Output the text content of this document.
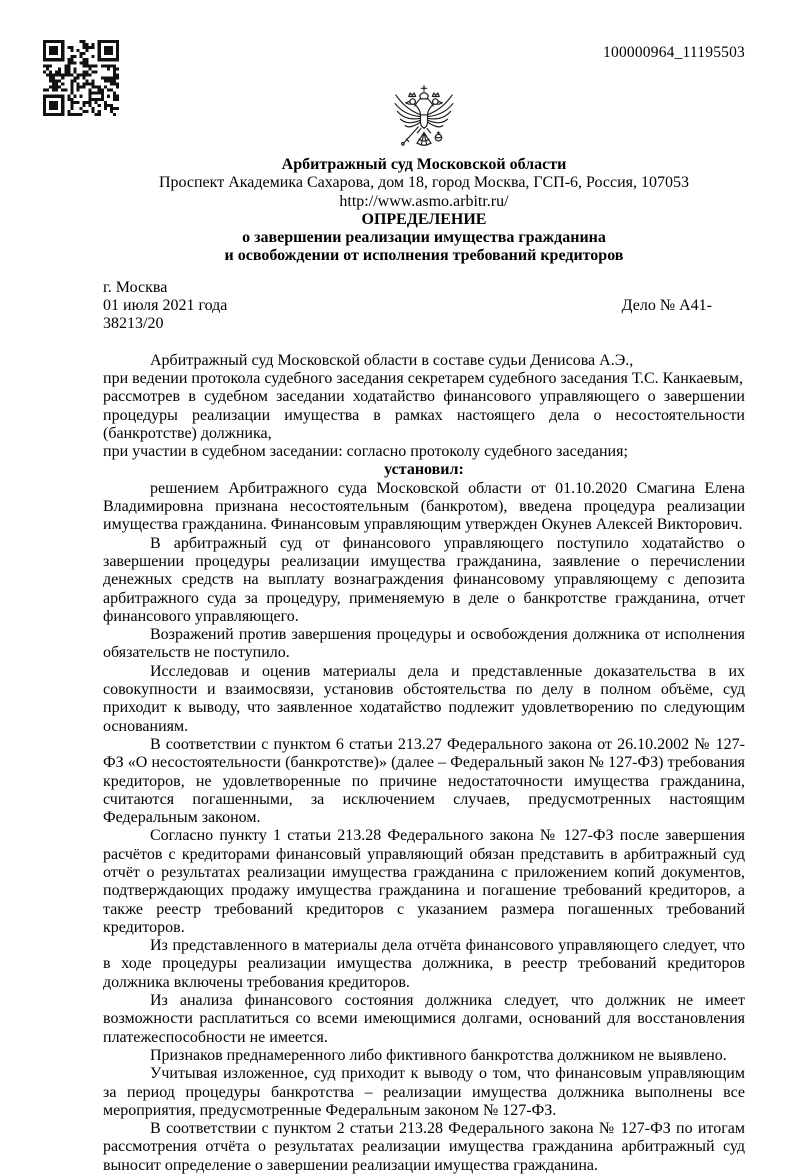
100000964_11195503

Арбитражный суд Московской области

Проспект Академика Сахарова, дом 18, город Москва, ГСП-6, Россия, 107053

http://www.asmo.arbitr.ru/

ОПРЕДЕЛЕНИЕ

о завершении реализации имущества гражданина

и освобождении от исполнения требований кредиторов

г. Москва

01 июля 2021 года	Дело № А41-

38213/20

Арбитражный суд Московской области в составе судьи Денисова А.Э.,

при ведении протокола судебного заседания секретарем судебного заседания Т.С. Канкаевым,

рассмотрев в судебном заседании ходатайство финансового управляющего о завершении процедуры реализации имущества в рамках настоящего дела о несостоятельности (банкротстве) должника,

при участии в судебном заседании: согласно протоколу судебного заседания;

установил:

решением Арбитражного суда Московской области от 01.10.2020 Смагина Елена Владимировна признана несостоятельным (банкротом), введена процедура реализации имущества гражданина. Финансовым управляющим утвержден Окунев Алексей Викторович.

В арбитражный суд от финансового управляющего поступило ходатайство о завершении процедуры реализации имущества гражданина, заявление о перечислении денежных средств на выплату вознаграждения финансовому управляющему с депозита арбитражного суда за процедуру, применяемую в деле о банкротстве гражданина, отчет финансового управляющего.

Возражений против завершения процедуры и освобождения должника от исполнения обязательств не поступило.

Исследовав и оценив материалы дела и представленные доказательства в их совокупности и взаимосвязи, установив обстоятельства по делу в полном объёме, суд приходит к выводу, что заявленное ходатайство подлежит удовлетворению по следующим основаниям.

В соответствии с пунктом 6 статьи 213.27 Федерального закона от 26.10.2002 № 127-ФЗ «О несостоятельности (банкротстве)» (далее – Федеральный закон № 127-ФЗ) требования кредиторов, не удовлетворенные по причине недостаточности имущества гражданина, считаются погашенными, за исключением случаев, предусмотренных настоящим Федеральным законом.

Согласно пункту 1 статьи 213.28 Федерального закона № 127-ФЗ после завершения расчётов с кредиторами финансовый управляющий обязан представить в арбитражный суд отчёт о результатах реализации имущества гражданина с приложением копий документов, подтверждающих продажу имущества гражданина и погашение требований кредиторов, а также реестр требований кредиторов с указанием размера погашенных требований кредиторов.

Из представленного в материалы дела отчёта финансового управляющего следует, что в ходе процедуры реализации имущества должника, в реестр требований кредиторов должника включены требования кредиторов.

Из анализа финансового состояния должника следует, что должник не имеет возможности расплатиться со всеми имеющимися долгами, оснований для восстановления платежеспособности не имеется.

Признаков преднамеренного либо фиктивного банкротства должником не выявлено.

Учитывая изложенное, суд приходит к выводу о том, что финансовым управляющим за период процедуры банкротства – реализации имущества должника выполнены все мероприятия, предусмотренные Федеральным законом № 127-ФЗ.

В соответствии с пунктом 2 статьи 213.28 Федерального закона № 127-ФЗ по итогам рассмотрения отчёта о результатах реализации имущества гражданина арбитражный суд выносит определение о завершении реализации имущества гражданина.
